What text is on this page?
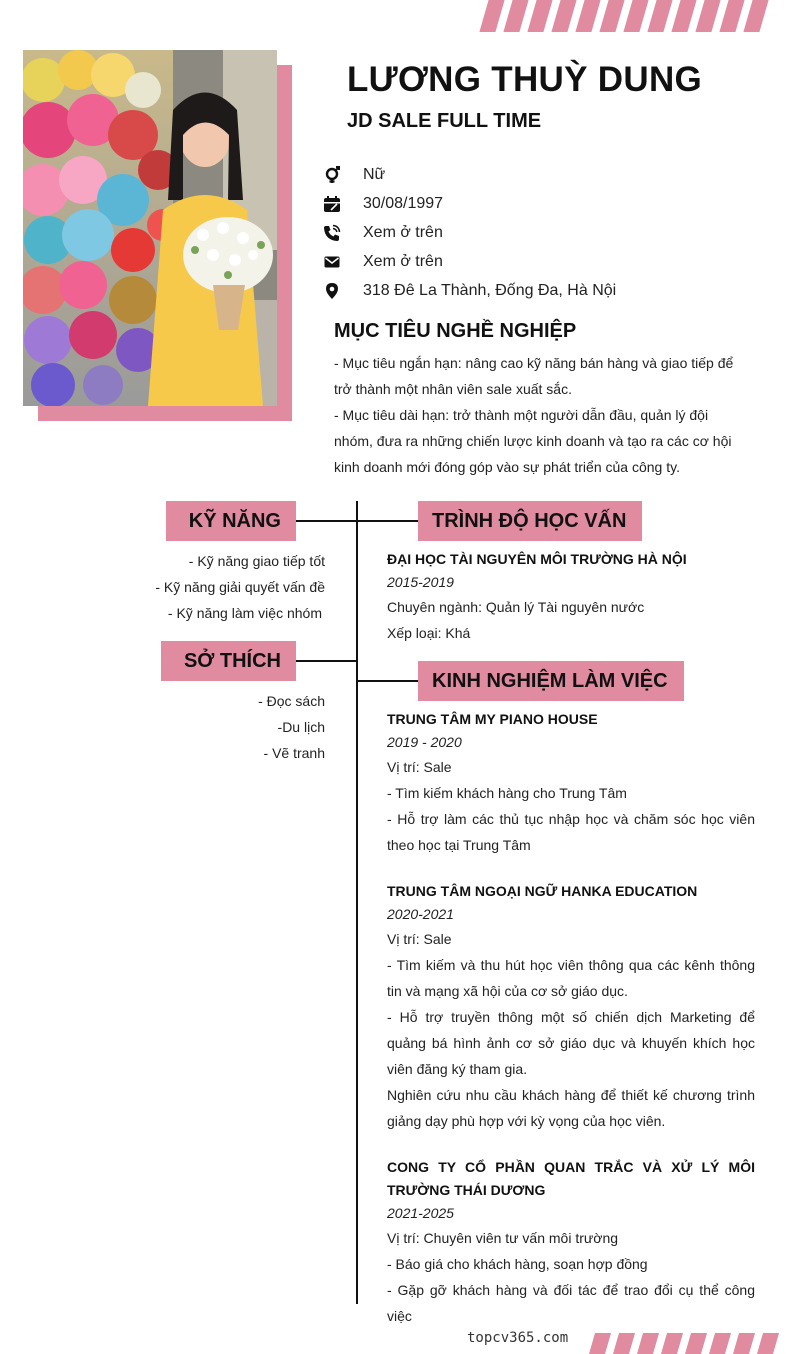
LƯƠNG THUỲ DUNG
JD SALE FULL TIME
Nữ
30/08/1997
Xem ở trên
Xem ở trên
318 Đê La Thành, Đống Đa, Hà Nội
MỤC TIÊU NGHỀ NGHIỆP

- Mục tiêu ngắn hạn: nâng cao kỹ năng bán hàng và giao tiếp để trở thành một nhân viên sale xuất sắc.

- Mục tiêu dài hạn: trở thành một người dẫn đầu, quản lý đội nhóm, đưa ra những chiến lược kinh doanh và tạo ra các cơ hội kinh doanh mới đóng góp vào sự phát triển của công ty.

KỸ NĂNG
- Kỹ năng giao tiếp tốt
- Kỹ năng giải quyết vấn đề
- Kỹ năng làm việc nhóm
SỞ THÍCH
- Đọc sách
-Du lịch
- Vẽ tranh
TRÌNH ĐỘ HỌC VẤN
ĐẠI HỌC TÀI NGUYÊN MÔI TRƯỜNG HÀ NỘI
2015-2019
Chuyên ngành: Quản lý Tài nguyên nước
Xếp loại: Khá
KINH NGHIỆM LÀM VIỆC
TRUNG TÂM MY PIANO HOUSE
2019 - 2020
Vị trí: Sale
- Tìm kiếm khách hàng cho Trung Tâm
- Hỗ trợ làm các thủ tục nhập học và chăm sóc học viên theo học tại Trung Tâm
TRUNG TÂM NGOẠI NGỮ HANKA EDUCATION
2020-2021
Vị trí: Sale
- Tìm kiếm và thu hút học viên thông qua các kênh thông tin và mạng xã hội của cơ sở giáo dục.
- Hỗ trợ truyền thông một số chiến dịch Marketing để quảng bá hình ảnh cơ sở giáo dục và khuyến khích học viên đăng ký tham gia.
Nghiên cứu nhu cầu khách hàng để thiết kế chương trình giảng dạy phù hợp với kỳ vọng của học viên.
CONG TY CỔ PHẦN QUAN TRẮC VÀ XỬ LÝ MÔI TRƯỜNG THÁI DƯƠNG
2021-2025
Vị trí: Chuyên viên tư vấn môi trường
- Báo giá cho khách hàng, soạn hợp đồng
- Gặp gỡ khách hàng và đối tác để trao đổi cụ thể công việc
topcv365.com
